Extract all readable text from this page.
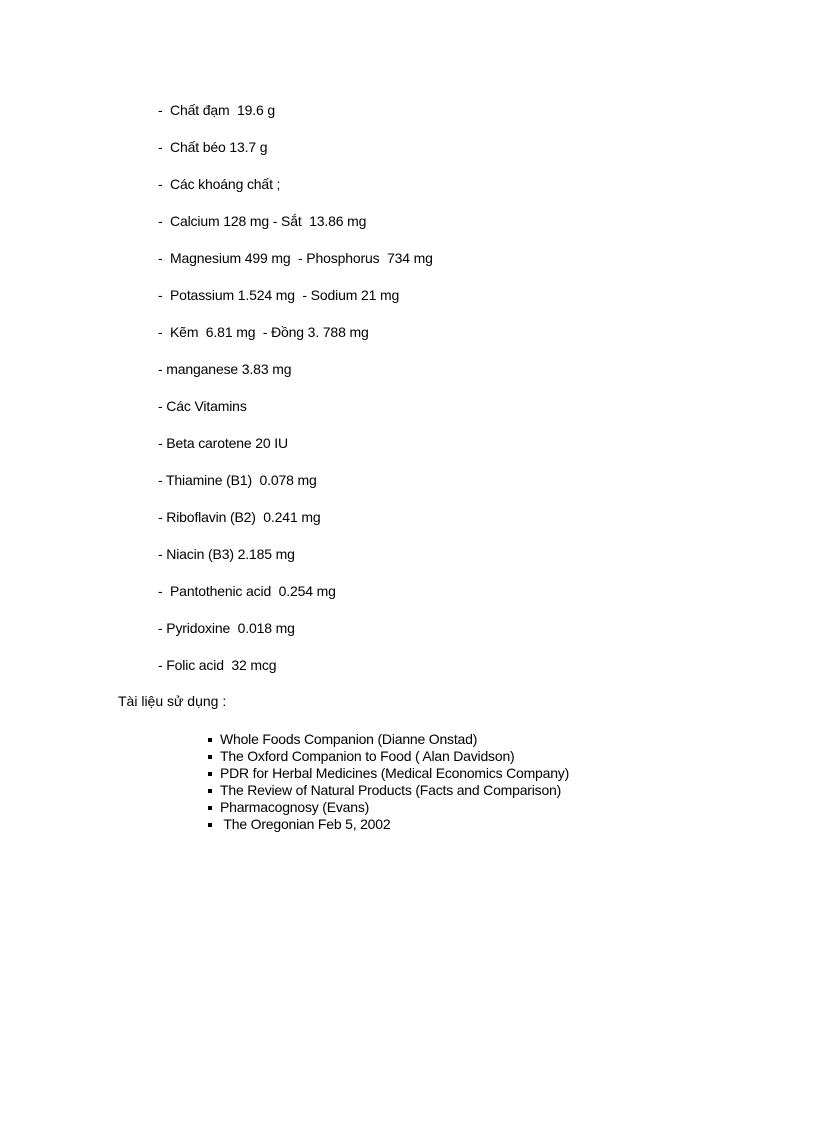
-  Chất đạm  19.6 g
-  Chất béo 13.7 g
-  Các khoáng chất ;
-  Calcium 128 mg - Sắt  13.86 mg
-  Magnesium 499 mg  - Phosphorus  734 mg
-  Potassium 1.524 mg  - Sodium 21 mg
-  Kẽm  6.81 mg  - Đồng 3. 788 mg
- manganese 3.83 mg
- Các Vitamins
- Beta carotene 20 IU
- Thiamine (B1)  0.078 mg
- Riboflavin (B2)  0.241 mg
- Niacin (B3) 2.185 mg
-  Pantothenic acid  0.254 mg
- Pyridoxine  0.018 mg
- Folic acid  32 mcg
Tài liệu sử dụng :
Whole Foods Companion (Dianne Onstad)
The Oxford Companion to Food ( Alan Davidson)
PDR for Herbal Medicines (Medical Economics Company)
The Review of Natural Products (Facts and Comparison)
Pharmacognosy (Evans)
The Oregonian Feb 5, 2002
